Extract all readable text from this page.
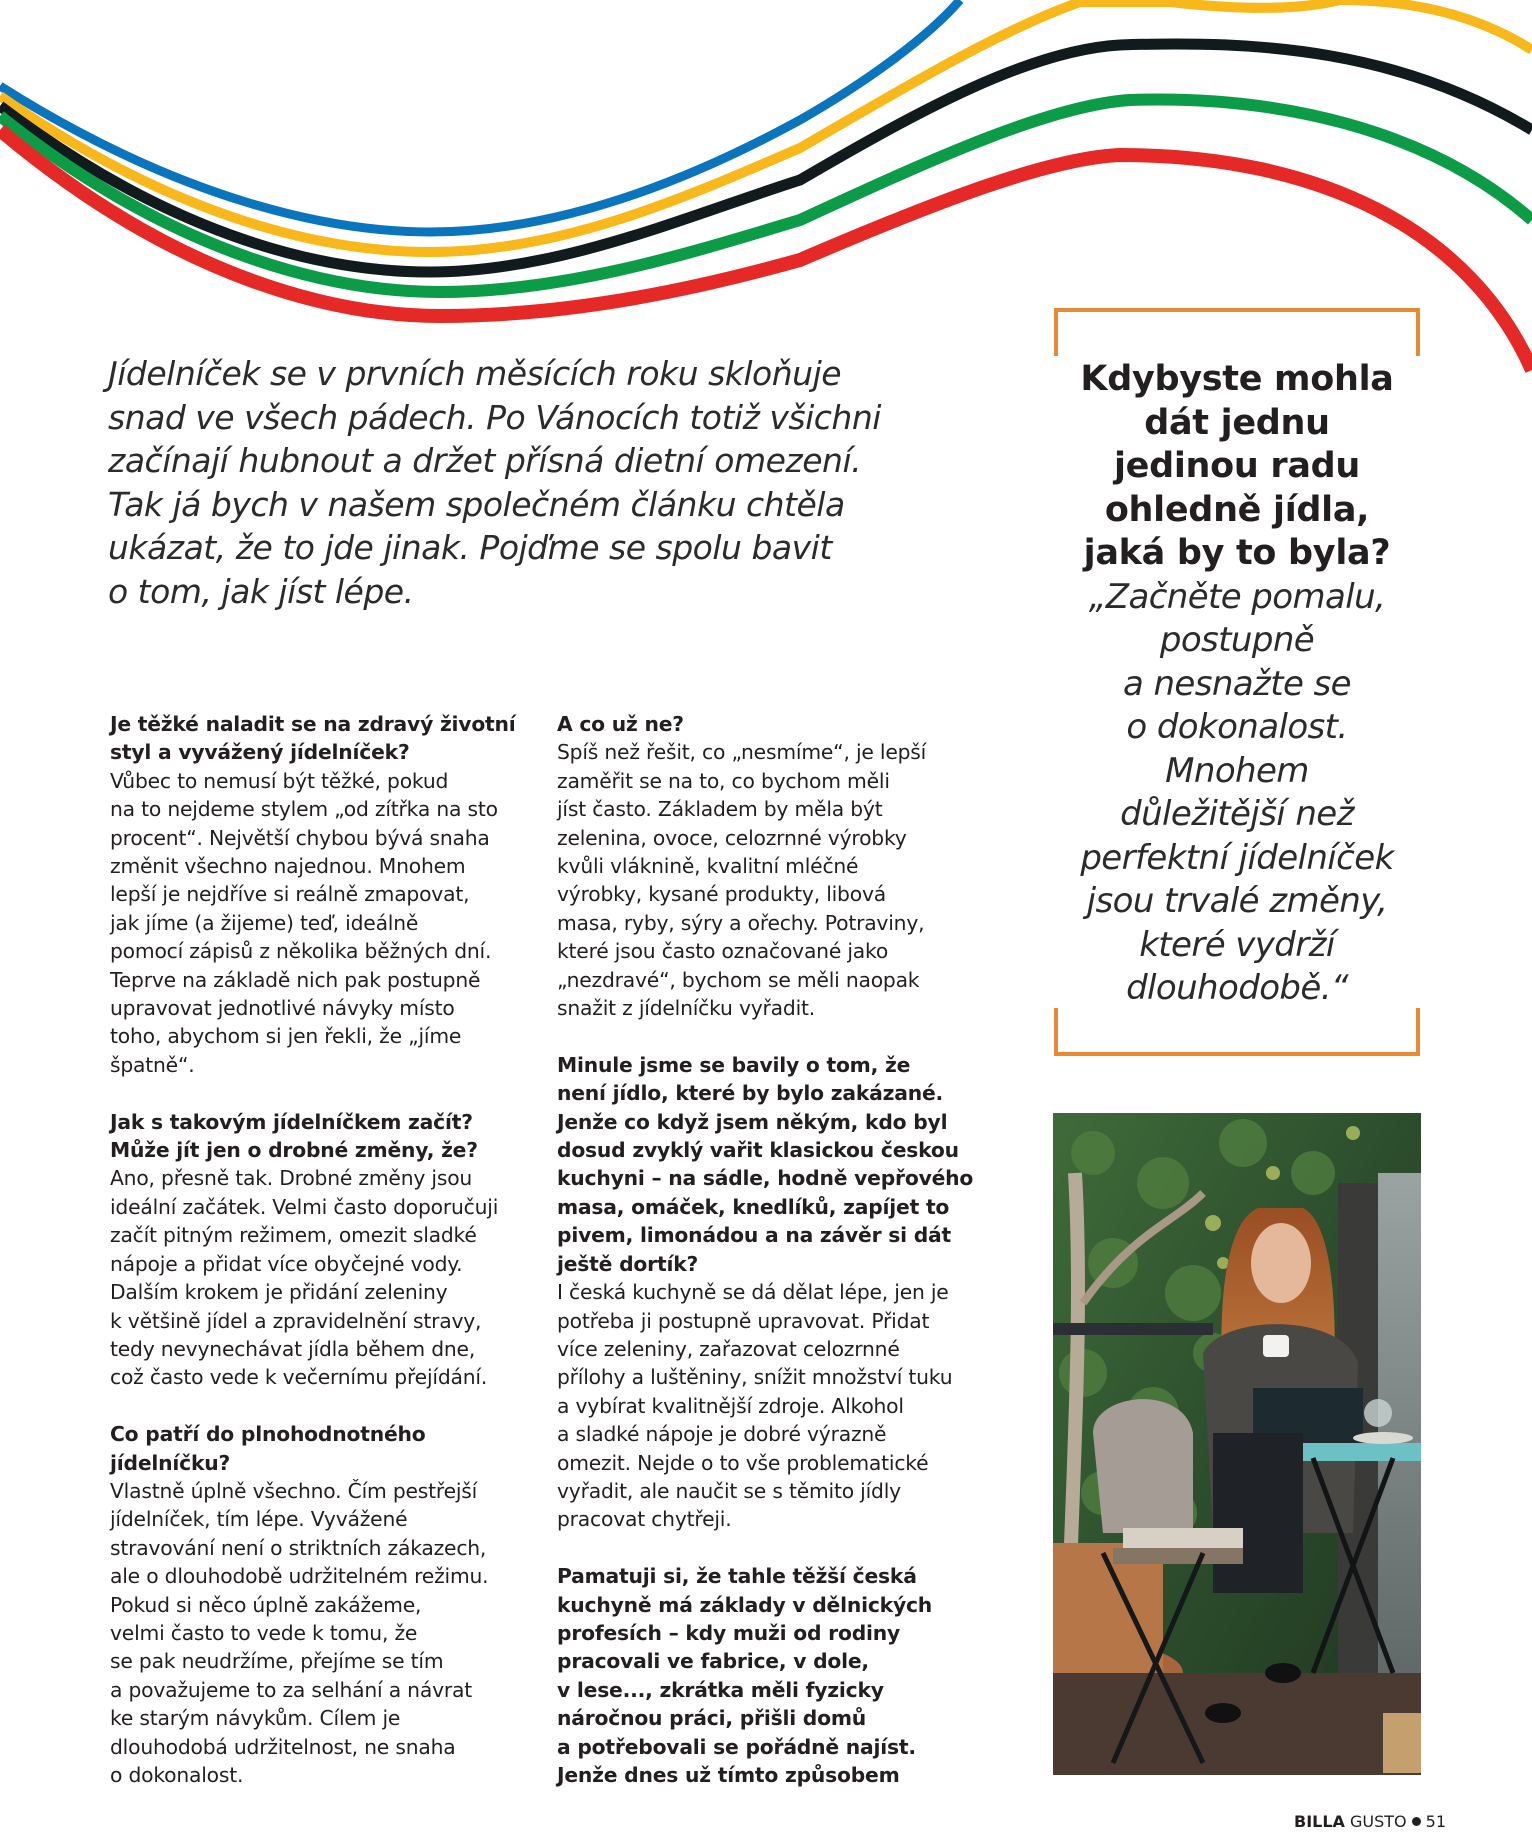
Jídelníček se v prvních měsících roku skloňuje
snad ve všech pádech. Po Vánocích totiž všichni
začínají hubnout a držet přísná dietní omezení.
Tak já bych v našem společném článku chtěla
ukázat, že to jde jinak. Pojďme se spolu bavit
o tom, jak jíst lépe.
Je těžké naladit se na zdravý životní
styl a vyvážený jídelníček?
Vůbec to nemusí být těžké, pokud
na to nejdeme stylem „od zítřka na sto
procent“. Největší chybou bývá snaha
změnit všechno najednou. Mnohem
lepší je nejdříve si reálně zmapovat,
jak jíme (a žijeme) teď, ideálně
pomocí zápisů z několika běžných dní.
Teprve na základě nich pak postupně
upravovat jednotlivé návyky místo
toho, abychom si jen řekli, že „jíme
špatně“.
Jak s takovým jídelníčkem začít?
Může jít jen o drobné změny, že?
Ano, přesně tak. Drobné změny jsou
ideální začátek. Velmi často doporučuji
začít pitným režimem, omezit sladké
nápoje a přidat více obyčejné vody.
Dalším krokem je přidání zeleniny
k většině jídel a zpravidelnění stravy,
tedy nevynechávat jídla během dne,
což často vede k večernímu přejídání.
Co patří do plnohodnotného
jídelníčku?
Vlastně úplně všechno. Čím pestřejší
jídelníček, tím lépe. Vyvážené
stravování není o striktních zákazech,
ale o dlouhodobě udržitelném režimu.
Pokud si něco úplně zakážeme,
velmi často to vede k tomu, že
se pak neudržíme, přejíme se tím
a považujeme to za selhání a návrat
ke starým návykům. Cílem je
dlouhodobá udržitelnost, ne snaha
o dokonalost.
A co už ne?
Spíš než řešit, co „nesmíme“, je lepší
zaměřit se na to, co bychom měli
jíst často. Základem by měla být
zelenina, ovoce, celozrnné výrobky
kvůli vláknině, kvalitní mléčné
výrobky, kysané produkty, libová
masa, ryby, sýry a ořechy. Potraviny,
které jsou často označované jako
„nezdravé“, bychom se měli naopak
snažit z jídelníčku vyřadit.
Minule jsme se bavily o tom, že
není jídlo, které by bylo zakázané.
Jenže co když jsem někým, kdo byl
dosud zvyklý vařit klasickou českou
kuchyni – na sádle, hodně vepřového
masa, omáček, knedlíků, zapíjet to
pivem, limonádou a na závěr si dát
ještě dortík?
I česká kuchyně se dá dělat lépe, jen je
potřeba ji postupně upravovat. Přidat
více zeleniny, zařazovat celozrnné
přílohy a luštěniny, snížit množství tuku
a vybírat kvalitnější zdroje. Alkohol
a sladké nápoje je dobré výrazně
omezit. Nejde o to vše problematické
vyřadit, ale naučit se s těmito jídly
pracovat chytřeji.
Pamatuji si, že tahle těžší česká
kuchyně má základy v dělnických
profesích – kdy muži od rodiny
pracovali ve fabrice, v dole,
v lese..., zkrátka měli fyzicky
náročnou práci, přišli domů
a potřebovali se pořádně najíst.
Jenže dnes už tímto způsobem
Kdybyste mohla
dát jednu
jedinou radu
ohledně jídla,
jaká by to byla?
„Začněte pomalu,
postupně
a nesnažte se
o dokonalost.
Mnohem
důležitější než
perfektní jídelníček
jsou trvalé změny,
které vydrží
dlouhodobě.“
BILLA GUSTO 51
